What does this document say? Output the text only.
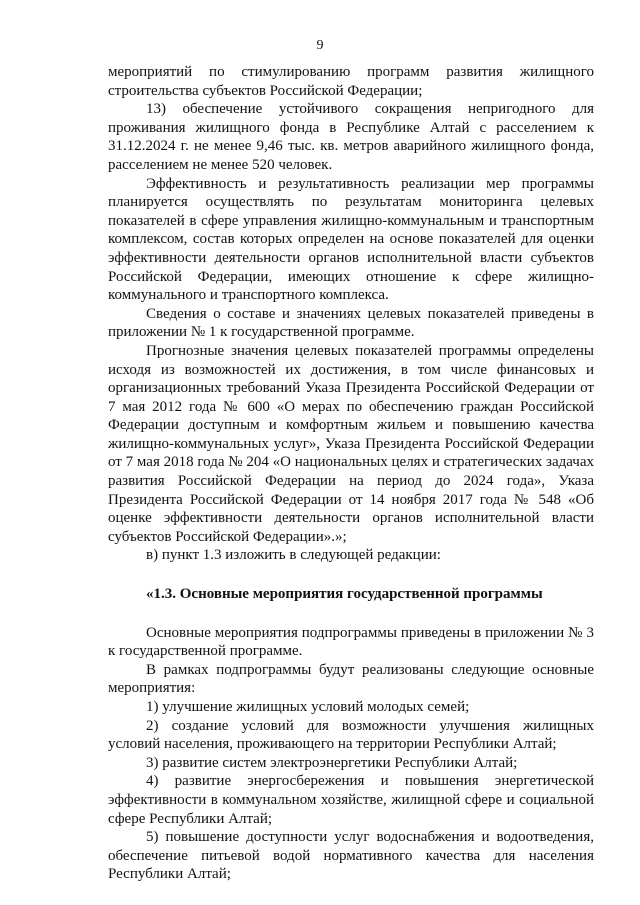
9

мероприятий по стимулированию программ развития жилищного строительства субъектов Российской Федерации;

13) обеспечение устойчивого сокращения непригодного для проживания жилищного фонда в Республике Алтай с расселением к 31.12.2024 г. не менее 9,46 тыс. кв. метров аварийного жилищного фонда, расселением не менее 520 человек.

Эффективность и результативность реализации мер программы планируется осуществлять по результатам мониторинга целевых показателей в сфере управления жилищно-коммунальным и транспортным комплексом, состав которых определен на основе показателей для оценки эффективности деятельности органов исполнительной власти субъектов Российской Федерации, имеющих отношение к сфере жилищно-коммунального и транспортного комплекса.

Сведения о составе и значениях целевых показателей приведены в приложении № 1 к государственной программе.

Прогнозные значения целевых показателей программы определены исходя из возможностей их достижения, в том числе финансовых и организационных требований Указа Президента Российской Федерации от 7 мая 2012 года № 600 «О мерах по обеспечению граждан Российской Федерации доступным и комфортным жильем и повышению качества жилищно-коммунальных услуг», Указа Президента Российской Федерации от 7 мая 2018 года № 204 «О национальных целях и стратегических задачах развития Российской Федерации на период до 2024 года», Указа Президента Российской Федерации от 14 ноября 2017 года № 548 «Об оценке эффективности деятельности органов исполнительной власти субъектов Российской Федерации».»;

в) пункт 1.3 изложить в следующей редакции:

«1.3. Основные мероприятия государственной программы

Основные мероприятия подпрограммы приведены в приложении № 3 к государственной программе.

В рамках подпрограммы будут реализованы следующие основные мероприятия:

1) улучшение жилищных условий молодых семей;

2) создание условий для возможности улучшения жилищных условий населения, проживающего на территории Республики Алтай;

3) развитие систем электроэнергетики Республики Алтай;

4) развитие энергосбережения и повышения энергетической эффективности в коммунальном хозяйстве, жилищной сфере и социальной сфере Республики Алтай;

5) повышение доступности услуг водоснабжения и водоотведения, обеспечение питьевой водой нормативного качества для населения Республики Алтай;
